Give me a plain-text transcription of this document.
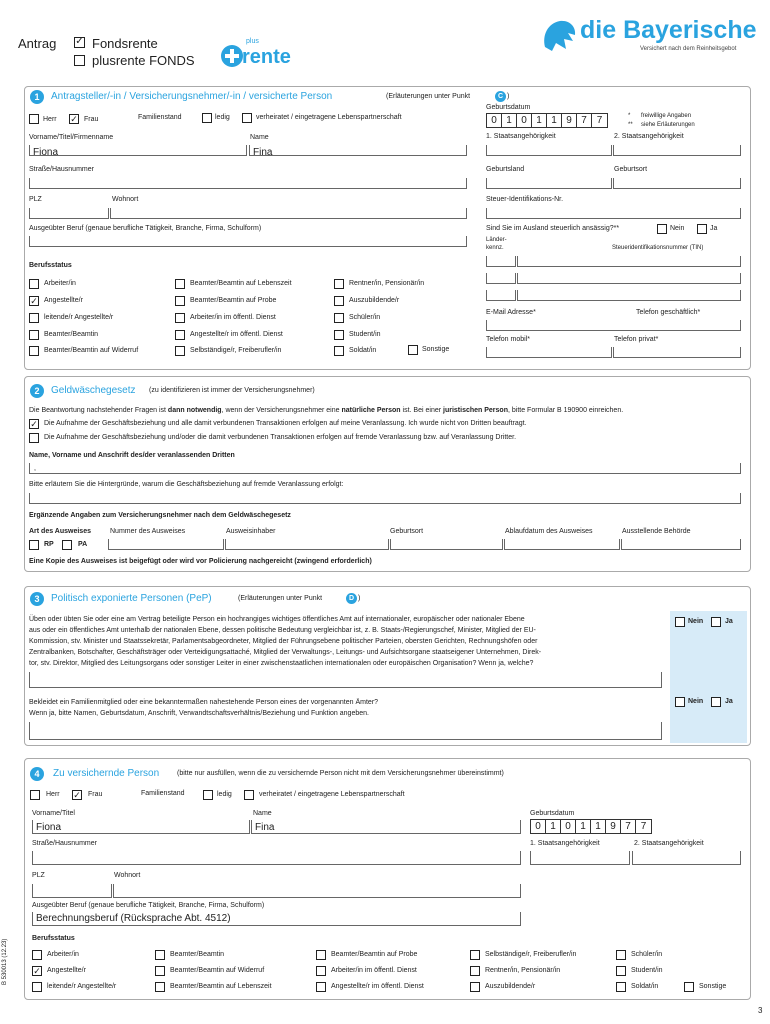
Antrag ✓ Fondsrente
plusrente FONDS
plus
rente
die Bayerische
Versichert nach dem Reinheitsgebot
1	Antragsteller/-in / Versicherungsnehmer/-in / versicherte Person	(Erläuterungen unter Punkt	C )
Herr ✓ Frau	Familienstand	ledig	verheiratet / eingetragene Lebenspartnerschaft
Geburtsdatum
0 1 0 1 1 9 7 7	* freiwillige Angaben
** siehe Erläuterungen
Vorname/Titel/Firmenname	Name
Fiona	Fina
1. Staatsangehörigkeit	2. Staatsangehörigkeit
Straße/Hausnummer	Geburtsland	Geburtsort
PLZ	Wohnort	Steuer-Identifikations-Nr.
Ausgeübter Beruf (genaue berufliche Tätigkeit, Branche, Firma, Schulform)	Sind Sie im Ausland steuerlich ansässig?**	Nein	Ja
Länder-
kennz.	Steueridentifikationsnummer (TIN)
Berufsstatus
Arbeiter/in	Beamter/Beamtin auf Lebenszeit	Rentner/in, Pensionär/in
✓ Angestellte/r	Beamter/Beamtin auf Probe	Auszubildende/r
leitende/r Angestellte/r	Arbeiter/in im öffentl. Dienst	Schüler/in
Beamter/Beamtin	Angestellte/r im öffentl. Dienst	Student/in
Beamter/Beamtin auf Widerruf	Selbständige/r, Freiberufler/in	Soldat/in	Sonstige
E-Mail Adresse*	Telefon geschäftlich*
Telefon mobil*	Telefon privat*
2	Geldwäschegesetz (zu identifizieren ist immer der Versicherungsnehmer)
Die Beantwortung nachstehender Fragen ist dann notwendig, wenn der Versicherungsnehmer eine natürliche Person ist. Bei einer juristischen Person, bitte Formular B 190900 einreichen.
✓ Die Aufnahme der Geschäftsbeziehung und alle damit verbundenen Transaktionen erfolgen auf meine Veranlassung. Ich wurde nicht von Dritten beauftragt.
Die Aufnahme der Geschäftsbeziehung und/oder die damit verbundenen Transaktionen erfolgen auf fremde Veranlassung bzw. auf Veranlassung Dritter.
Name, Vorname und Anschrift des/der veranlassenden Dritten
,
Bitte erläutern Sie die Hintergründe, warum die Geschäftsbeziehung auf fremde Veranlassung erfolgt:
Ergänzende Angaben zum Versicherungsnehmer nach dem Geldwäschegesetz
Art des Ausweises	Nummer des Ausweises	Ausweisinhaber	Geburtsort	Ablaufdatum des Ausweises	Ausstellende Behörde
RP	PA
Eine Kopie des Ausweises ist beigefügt oder wird vor Policierung nachgereicht (zwingend erforderlich)
3	Politisch exponierte Personen (PeP)	(Erläuterungen unter Punkt	D )
Üben oder übten Sie oder eine am Vertrag beteiligte Person ein hochrangiges wichtiges öffentliches Amt auf internationaler, europäischer oder nationaler Ebene
aus oder ein öffentliches Amt unterhalb der nationalen Ebene, dessen politische Bedeutung vergleichbar ist, z. B. Staats-/Regierungschef, Minister, Mitglied der EU-
Kommission, stv. Minister und Staatssekretär, Parlamentsabgeordneter, Mitglied der Führungsebene politischer Parteien, obersten Gerichten, Rechnungshöfen oder
Zentralbanken, Botschafter, Geschäftsträger oder Verteidigungsattaché, Mitglied der Verwaltungs-, Leitungs- und Aufsichtsorgane staatseigener Unternehmen, Direk-
tor, stv. Direktor, Mitglied des Leitungsorgans oder sonstiger Leiter in einer zwischenstaatlichen internationalen oder europäischen Organisation? Wenn ja, welche?
Nein	Ja
Bekleidet ein Familienmitglied oder eine bekanntermaßen nahestehende Person eines der vorgenannten Ämter?
Wenn ja, bitte Namen, Geburtsdatum, Anschrift, Verwandtschaftsverhältnis/Beziehung und Funktion angeben.
Nein	Ja
4	Zu versichernde Person	(bitte nur ausfüllen, wenn die zu versichernde Person nicht mit dem Versicherungsnehmer übereinstimmt)
Herr ✓ Frau	Familienstand	ledig	verheiratet / eingetragene Lebenspartnerschaft
Vorname/Titel	Name
Fiona	Fina
Geburtsdatum
0 1 0 1 1 9 7 7
Straße/Hausnummer	1. Staatsangehörigkeit	2. Staatsangehörigkeit
PLZ	Wohnort
Ausgeübter Beruf (genaue berufliche Tätigkeit, Branche, Firma, Schulform)
Berechnungsberuf (Rücksprache Abt. 4512)
Berufsstatus
Arbeiter/in	Beamter/Beamtin	Beamter/Beamtin auf Probe	Selbständige/r, Freiberufler/in	Schüler/in
✓ Angestellte/r	Beamter/Beamtin auf Widerruf	Arbeiter/in im öffentl. Dienst	Rentner/in, Pensionär/in	Student/in
leitende/r Angestellte/r	Beamter/Beamtin auf Lebenszeit	Angestellte/r im öffentl. Dienst	Auszubildende/r	Soldat/in	Sonstige
B 530013 (12.23)
3
